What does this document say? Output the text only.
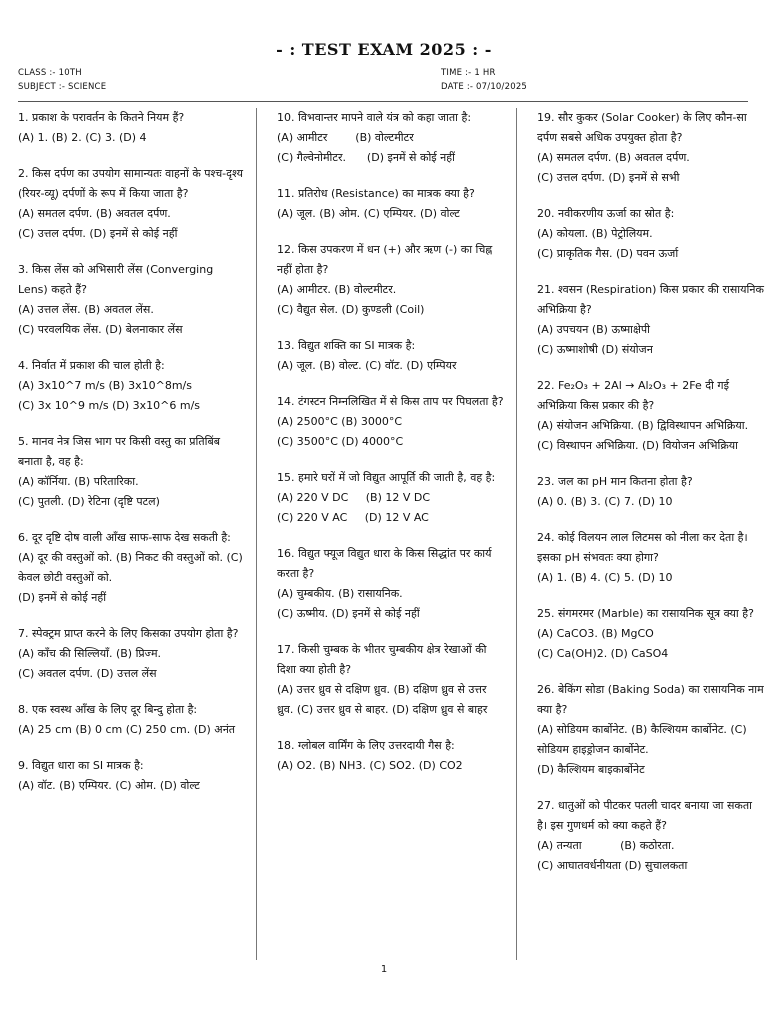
- : TEST EXAM 2025 : -
CLASS :- 10TH
SUBJECT :- SCIENCE
TIME :- 1 HR
DATE :- 07/10/2025
1. प्रकाश के परावर्तन के कितने नियम हैं?
(A) 1. (B) 2. (C) 3. (D) 4
2. किस दर्पण का उपयोग सामान्यतः वाहनों के पश्च-दृश्य (रियर-व्यू) दर्पणों के रूप में किया जाता है?
(A) समतल दर्पण. (B) अवतल दर्पण.
(C) उत्तल दर्पण. (D) इनमें से कोई नहीं
3. किस लेंस को अभिसारी लेंस (Converging Lens) कहते हैं?
(A) उत्तल लेंस. (B) अवतल लेंस.
(C) परवलयिक लेंस. (D) बेलनाकार लेंस
4. निर्वात में प्रकाश की चाल होती है:
(A) 3x10^7 m/s (B) 3x10^8m/s
(C) 3x 10^9 m/s (D) 3x10^6 m/s
5. मानव नेत्र जिस भाग पर किसी वस्तु का प्रतिबिंब बनाता है, वह है:
(A) कॉर्निया. (B) परितारिका.
(C) पुतली. (D) रेटिना (दृष्टि पटल)
6. दूर दृष्टि दोष वाली आँख साफ-साफ देख सकती है:
(A) दूर की वस्तुओं को. (B) निकट की वस्तुओं को. (C) केवल छोटी वस्तुओं को.
(D) इनमें से कोई नहीं
7. स्पेक्ट्रम प्राप्त करने के लिए किसका उपयोग होता है?
(A) काँच की सिल्लियाँ. (B) प्रिज्म.
(C) अवतल दर्पण. (D) उत्तल लेंस
8. एक स्वस्थ आँख के लिए दूर बिन्दु होता है:
(A) 25 cm (B) 0 cm (C) 250 cm. (D) अनंत
9. विद्युत धारा का SI मात्रक है:
(A) वॉट. (B) एम्पियर. (C) ओम. (D) वोल्ट
10. विभवान्तर मापने वाले यंत्र को कहा जाता है:
(A) आमीटर        (B) वोल्टमीटर
(C) गैल्वेनोमीटर.      (D) इनमें से कोई नहीं
11. प्रतिरोध (Resistance) का मात्रक क्या है?
(A) जूल. (B) ओम. (C) एम्पियर. (D) वोल्ट
12. किस उपकरण में धन (+) और ऋण (-) का चिह्न नहीं होता है?
(A) आमीटर. (B) वोल्टमीटर.
(C) वैद्युत सेल. (D) कुण्डली (Coil)
13. विद्युत शक्ति का SI मात्रक है:
(A) जूल. (B) वोल्ट. (C) वॉट. (D) एम्पियर
14. टंगस्टन निम्नलिखित में से किस ताप पर पिघलता है?
(A) 2500°C (B) 3000°C
(C) 3500°C (D) 4000°C
15. हमारे घरों में जो विद्युत आपूर्ति की जाती है, वह है:
(A) 220 V DC     (B) 12 V DC
(C) 220 V AC     (D) 12 V AC
16. विद्युत फ्यूज विद्युत धारा के किस सिद्धांत पर कार्य करता है?
(A) चुम्बकीय. (B) रासायनिक.
(C) ऊष्मीय. (D) इनमें से कोई नहीं
17. किसी चुम्बक के भीतर चुम्बकीय क्षेत्र रेखाओं की दिशा क्या होती है?
(A) उत्तर ध्रुव से दक्षिण ध्रुव. (B) दक्षिण ध्रुव से उत्तर ध्रुव. (C) उत्तर ध्रुव से बाहर. (D) दक्षिण ध्रुव से बाहर
18. ग्लोबल वार्मिंग के लिए उत्तरदायी गैस है:
(A) O2. (B) NH3. (C) SO2. (D) CO2
19. सौर कुकर (Solar Cooker) के लिए कौन-सा दर्पण सबसे अधिक उपयुक्त होता है?
(A) समतल दर्पण. (B) अवतल दर्पण.
(C) उत्तल दर्पण. (D) इनमें से सभी
20. नवीकरणीय ऊर्जा का स्रोत है:
(A) कोयला. (B) पेट्रोलियम.
(C) प्राकृतिक गैस. (D) पवन ऊर्जा
21. श्वसन (Respiration) किस प्रकार की रासायनिक अभिक्रिया है?
(A) उपचयन (B) ऊष्माक्षेपी
(C) ऊष्माशोषी (D) संयोजन
22. Fe₂O₃ + 2Al → Al₂O₃ + 2Fe दी गई अभिक्रिया किस प्रकार की है?
(A) संयोजन अभिक्रिया. (B) द्विविस्थापन अभिक्रिया. (C) विस्थापन अभिक्रिया. (D) वियोजन अभिक्रिया
23. जल का pH मान कितना होता है?
(A) 0. (B) 3. (C) 7. (D) 10
24. कोई विलयन लाल लिटमस को नीला कर देता है। इसका pH संभवतः क्या होगा?
(A) 1. (B) 4. (C) 5. (D) 10
25. संगमरमर (Marble) का रासायनिक सूत्र क्या है?
(A) CaCO3. (B) MgCO
(C) Ca(OH)2. (D) CaSO4
26. बेकिंग सोडा (Baking Soda) का रासायनिक नाम क्या है?
(A) सोडियम कार्बोनेट. (B) कैल्शियम कार्बोनेट. (C) सोडियम हाइड्रोजन कार्बोनेट.
(D) कैल्शियम बाइकार्बोनेट
27. धातुओं को पीटकर पतली चादर बनाया जा सकता है। इस गुणधर्म को क्या कहते हैं?
(A) तन्यता           (B) कठोरता.
(C) आघातवर्धनीयता (D) सुचालकता
1
